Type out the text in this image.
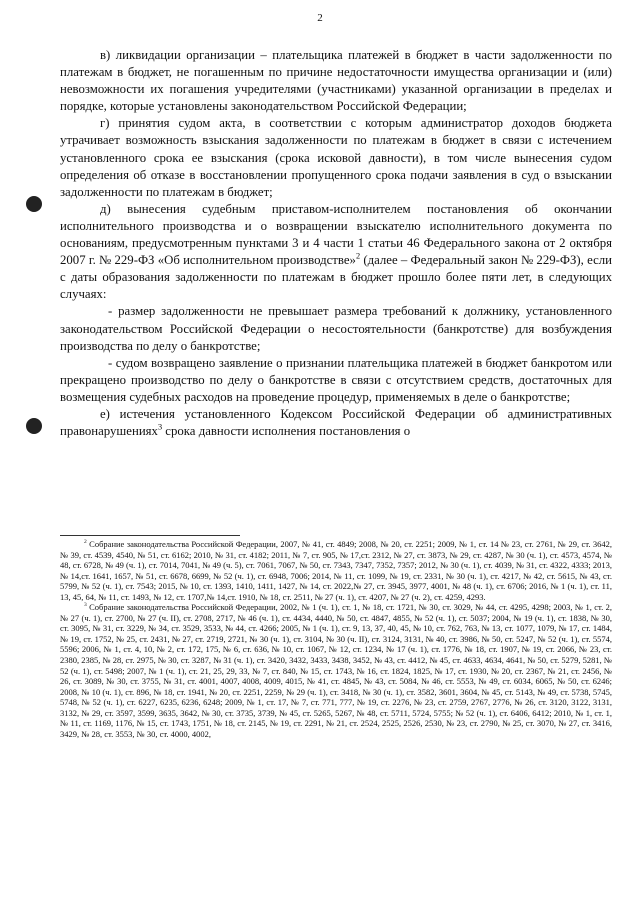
2

в) ликвидации организации – плательщика платежей в бюджет в части задолженности по платежам в бюджет, не погашенным по причине недостаточности имущества организации и (или) невозможности их погашения учредителями (участниками) указанной организации в пределах и порядке, которые установлены законодательством Российской Федерации;

г) принятия судом акта, в соответствии с которым администратор доходов бюджета утрачивает возможность взыскания задолженности по платежам в бюджет в связи с истечением установленного срока ее взыскания (срока исковой давности), в том числе вынесения судом определения об отказе в восстановлении пропущенного срока подачи заявления в суд о взыскании задолженности по платежам в бюджет;

д) вынесения судебным приставом-исполнителем постановления об окончании исполнительного производства и о возвращении взыскателю исполнительного документа по основаниям, предусмотренным пунктами 3 и 4 части 1 статьи 46 Федерального закона от 2 октября 2007 г. № 229-ФЗ «Об исполнительном производстве»$^2$ (далее – Федеральный закон № 229-ФЗ), если с даты образования задолженности по платежам в бюджет прошло более пяти лет, в следующих случаях:

- размер задолженности не превышает размера требований к должнику, установленного законодательством Российской Федерации о несостоятельности (банкротстве) для возбуждения производства по делу о банкротстве;

- судом возвращено заявление о признании плательщика платежей в бюджет банкротом или прекращено производство по делу о банкротстве в связи с отсутствием средств, достаточных для возмещения судебных расходов на проведение процедур, применяемых в деле о банкротстве;

е) истечения установленного Кодексом Российской Федерации об административных правонарушениях$^3$ срока давности исполнения постановления о

$^2$ Собрание законодательства Российской Федерации, 2007, № 41, ст. 4849; 2008, № 20, ст. 2251; 2009, № 1, ст. 14 № 23, ст. 2761, № 29, ст. 3642, № 39, ст. 4539, 4540, № 51, ст. 6162; 2010, № 31, ст. 4182; 2011, № 7, ст. 905, № 17,ст. 2312, № 27, ст. 3873, № 29, ст. 4287, № 30 (ч. 1), ст. 4573, 4574, № 48, ст. 6728, № 49 (ч. 1), ст. 7014, 7041, № 49 (ч. 5), ст. 7061, 7067, № 50, ст. 7343, 7347, 7352, 7357; 2012, № 30 (ч. 1), ст. 4039, № 31, ст. 4322, 4333; 2013, № 14,ст. 1641, 1657, № 51, ст. 6678, 6699, № 52 (ч. 1), ст. 6948, 7006; 2014, № 11, ст. 1099, № 19, ст. 2331, № 30 (ч. 1), ст. 4217, № 42, ст. 5615, № 43, ст. 5799, № 52 (ч. 1), ст. 7543; 2015, № 10, ст. 1393, 1410, 1411, 1427, № 14, ст. 2022,№ 27, ст. 3945, 3977, 4001, № 48 (ч. 1), ст. 6706; 2016, № 1 (ч. 1), ст. 11, 13, 45, 64, № 11, ст. 1493, № 12, ст. 1707,№ 14,ст. 1910, № 18, ст. 2511, № 27 (ч. 1), ст. 4207, № 27 (ч. 2), ст. 4259, 4293.

$^3$ Собрание законодательства Российской Федерации, 2002, № 1 (ч. 1), ст. 1, № 18, ст. 1721, № 30, ст. 3029, № 44, ст. 4295, 4298; 2003, № 1, ст. 2, № 27 (ч. 1), ст. 2700, № 27 (ч. II), ст. 2708, 2717, № 46 (ч. 1), ст. 4434, 4440, № 50, ст. 4847, 4855, № 52 (ч. 1), ст. 5037; 2004, № 19 (ч. 1), ст. 1838, № 30, ст. 3095, № 31, ст. 3229, № 34, ст. 3529, 3533, № 44, ст. 4266; 2005, № 1 (ч. 1), ст. 9, 13, 37, 40, 45, № 10, ст. 762, 763, № 13, ст. 1077, 1079, № 17, ст. 1484, № 19, ст. 1752, № 25, ст. 2431, № 27, ст. 2719, 2721, № 30 (ч. 1), ст. 3104, № 30 (ч. II), ст. 3124, 3131, № 40, ст. 3986, № 50, ст. 5247, № 52 (ч. 1), ст. 5574, 5596; 2006, № 1, ст. 4, 10, № 2, ст. 172, 175, № 6, ст. 636, № 10, ст. 1067, № 12, ст. 1234, № 17 (ч. 1), ст. 1776, № 18, ст. 1907, № 19, ст. 2066, № 23, ст. 2380, 2385, № 28, ст. 2975, № 30, ст. 3287, № 31 (ч. 1), ст. 3420, 3432, 3433, 3438, 3452, № 43, ст. 4412, № 45, ст. 4633, 4634, 4641, № 50, ст. 5279, 5281, № 52 (ч. 1), ст. 5498; 2007, № 1 (ч. 1), ст. 21, 25, 29, 33, № 7, ст. 840, № 15, ст. 1743, № 16, ст. 1824, 1825, № 17, ст. 1930, № 20, ст. 2367, № 21, ст. 2456, № 26, ст. 3089, № 30, ст. 3755, № 31, ст. 4001, 4007, 4008, 4009, 4015, № 41, ст. 4845, № 43, ст. 5084, № 46, ст. 5553, № 49, ст. 6034, 6065, № 50, ст. 6246; 2008, № 10 (ч. 1), ст. 896, № 18, ст. 1941, № 20, ст. 2251, 2259, № 29 (ч. 1), ст. 3418, № 30 (ч. 1), ст. 3582, 3601, 3604, № 45, ст. 5143, № 49, ст. 5738, 5745, 5748, № 52 (ч. 1), ст. 6227, 6235, 6236, 6248; 2009, № 1, ст. 17, № 7, ст. 771, 777, № 19, ст. 2276, № 23, ст. 2759, 2767, 2776, № 26, ст. 3120, 3122, 3131, 3132, № 29, ст. 3597, 3599, 3635, 3642, № 30, ст. 3735, 3739, № 45, ст. 5265, 5267, № 48, ст. 5711, 5724, 5755; № 52 (ч. 1), ст. 6406, 6412; 2010, № 1, ст. 1, № 11, ст. 1169, 1176, № 15, ст. 1743, 1751, № 18, ст. 2145, № 19, ст. 2291, № 21, ст. 2524, 2525, 2526, 2530, № 23, ст. 2790, № 25, ст. 3070, № 27, ст. 3416, 3429, № 28, ст. 3553, № 30, ст. 4000, 4002,
